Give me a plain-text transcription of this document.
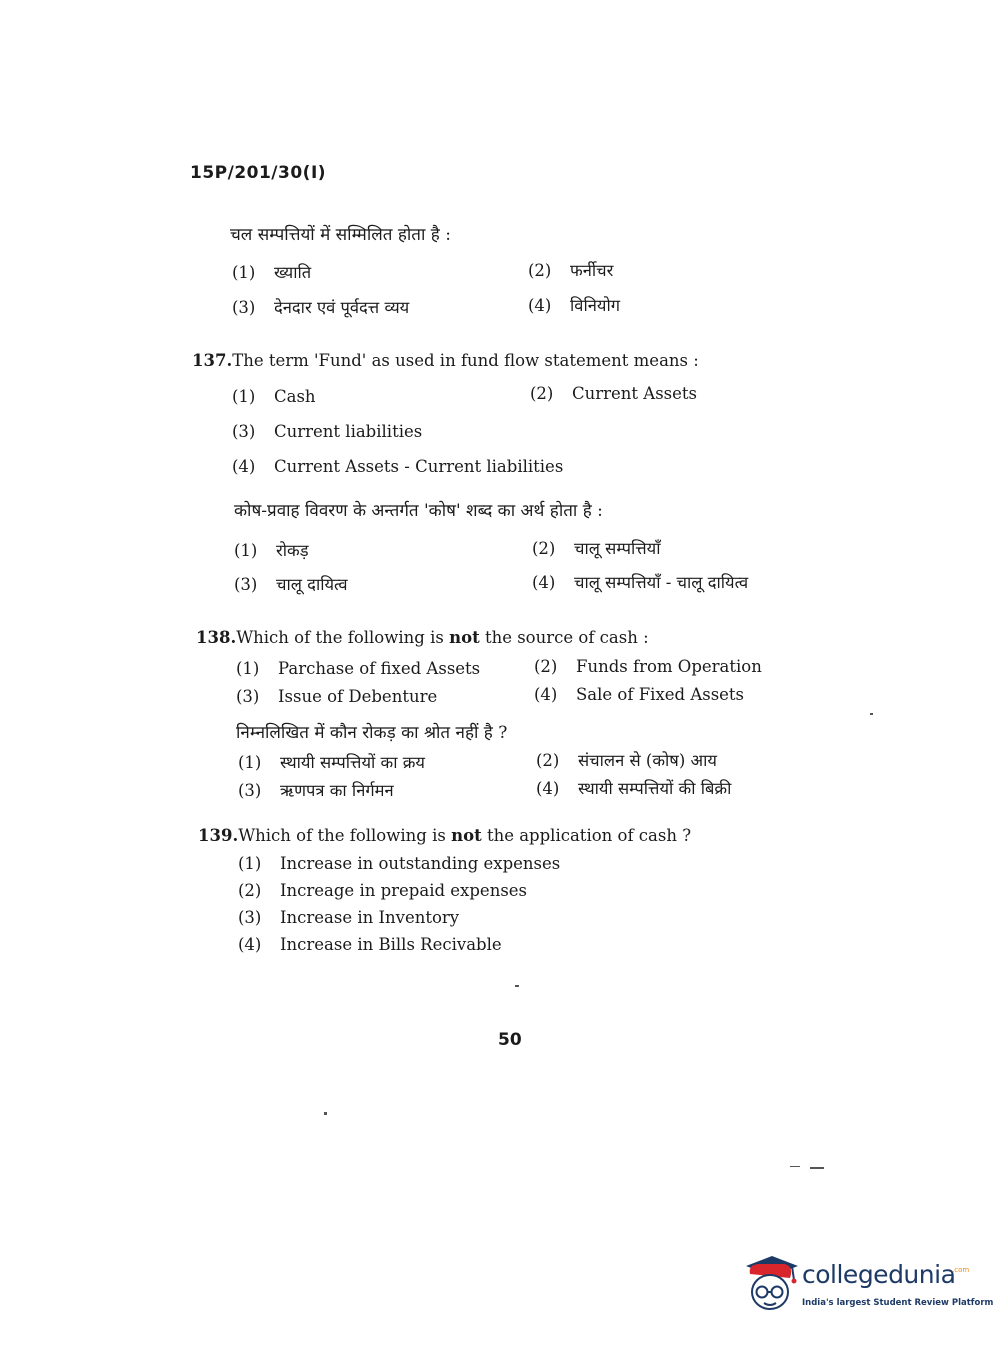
15P/201/30(I)
चल सम्पत्तियों में सम्मिलित होता है :
(1) ख्याति	(2) फर्नीचर
(3) देनदार एवं पूर्वदत्त व्यय	(4) विनियोग
137.The term 'Fund' as used in fund flow statement means :
(1) Cash	(2) Current Assets
(3) Current liabilities
(4) Current Assets - Current liabilities
कोष-प्रवाह विवरण के अन्तर्गत 'कोष' शब्द का अर्थ होता है :
(1) रोकड़	(2) चालू सम्पत्तियाँ
(3) चालू दायित्व	(4) चालू सम्पत्तियाँ - चालू दायित्व
138.Which of the following is not the source of cash :
(1) Parchase of fixed Assets	(2) Funds from Operation
(3) Issue of Debenture	(4) Sale of Fixed Assets
निम्नलिखित में कौन रोकड़ का श्रोत नहीं है ?
(1) स्थायी सम्पत्तियों का क्रय	(2) संचालन से (कोष) आय
(3) ऋणपत्र का निर्गमन	(4) स्थायी सम्पत्तियों की बिक्री
139.Which of the following is not the application of cash ?
(1) Increase in outstanding expenses
(2) Increage in prepaid expenses
(3) Increase in Inventory
(4) Increase in Bills Recivable
50
collegedunia
.com
India's largest Student Review Platform
